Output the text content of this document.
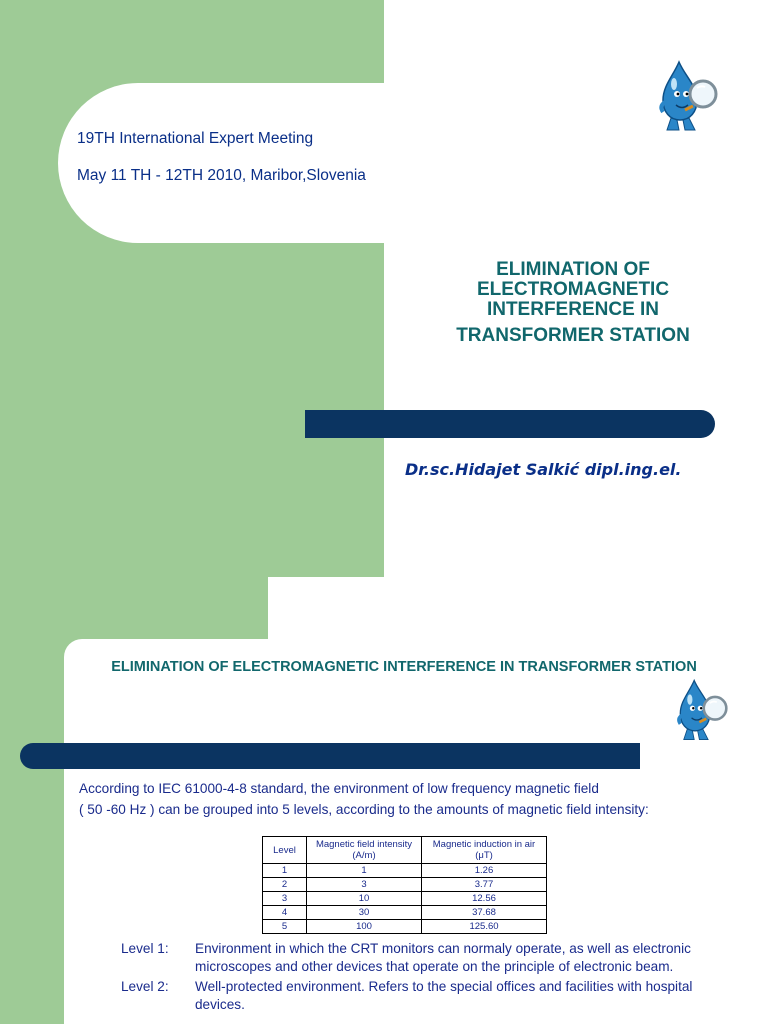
19TH International Expert Meeting
May 11 TH - 12TH 2010, Maribor,Slovenia
ELIMINATION OF
ELECTROMAGNETIC
INTERFERENCE IN
TRANSFORMER STATION
Dr.sc.Hidajet Salkić dipl.ing.el.
ELIMINATION OF ELECTROMAGNETIC INTERFERENCE IN TRANSFORMER STATION
According to IEC 61000-4-8 standard, the environment of low frequency magnetic field
( 50 -60 Hz ) can be grouped into 5 levels, according to the amounts of magnetic field intensity:
Level	Magnetic field intensity (A/m)	Magnetic induction in air (μT)
1	1	1.26
2	3	3.77
3	10	12.56
4	30	37.68
5	100	125.60
Level 1:	Environment in which the CRT monitors can normaly operate, as well as electronic microscopes and other devices that operate on the principle of electronic beam.
Level 2:	Well-protected environment. Refers to the special offices and facilities with hospital devices.
